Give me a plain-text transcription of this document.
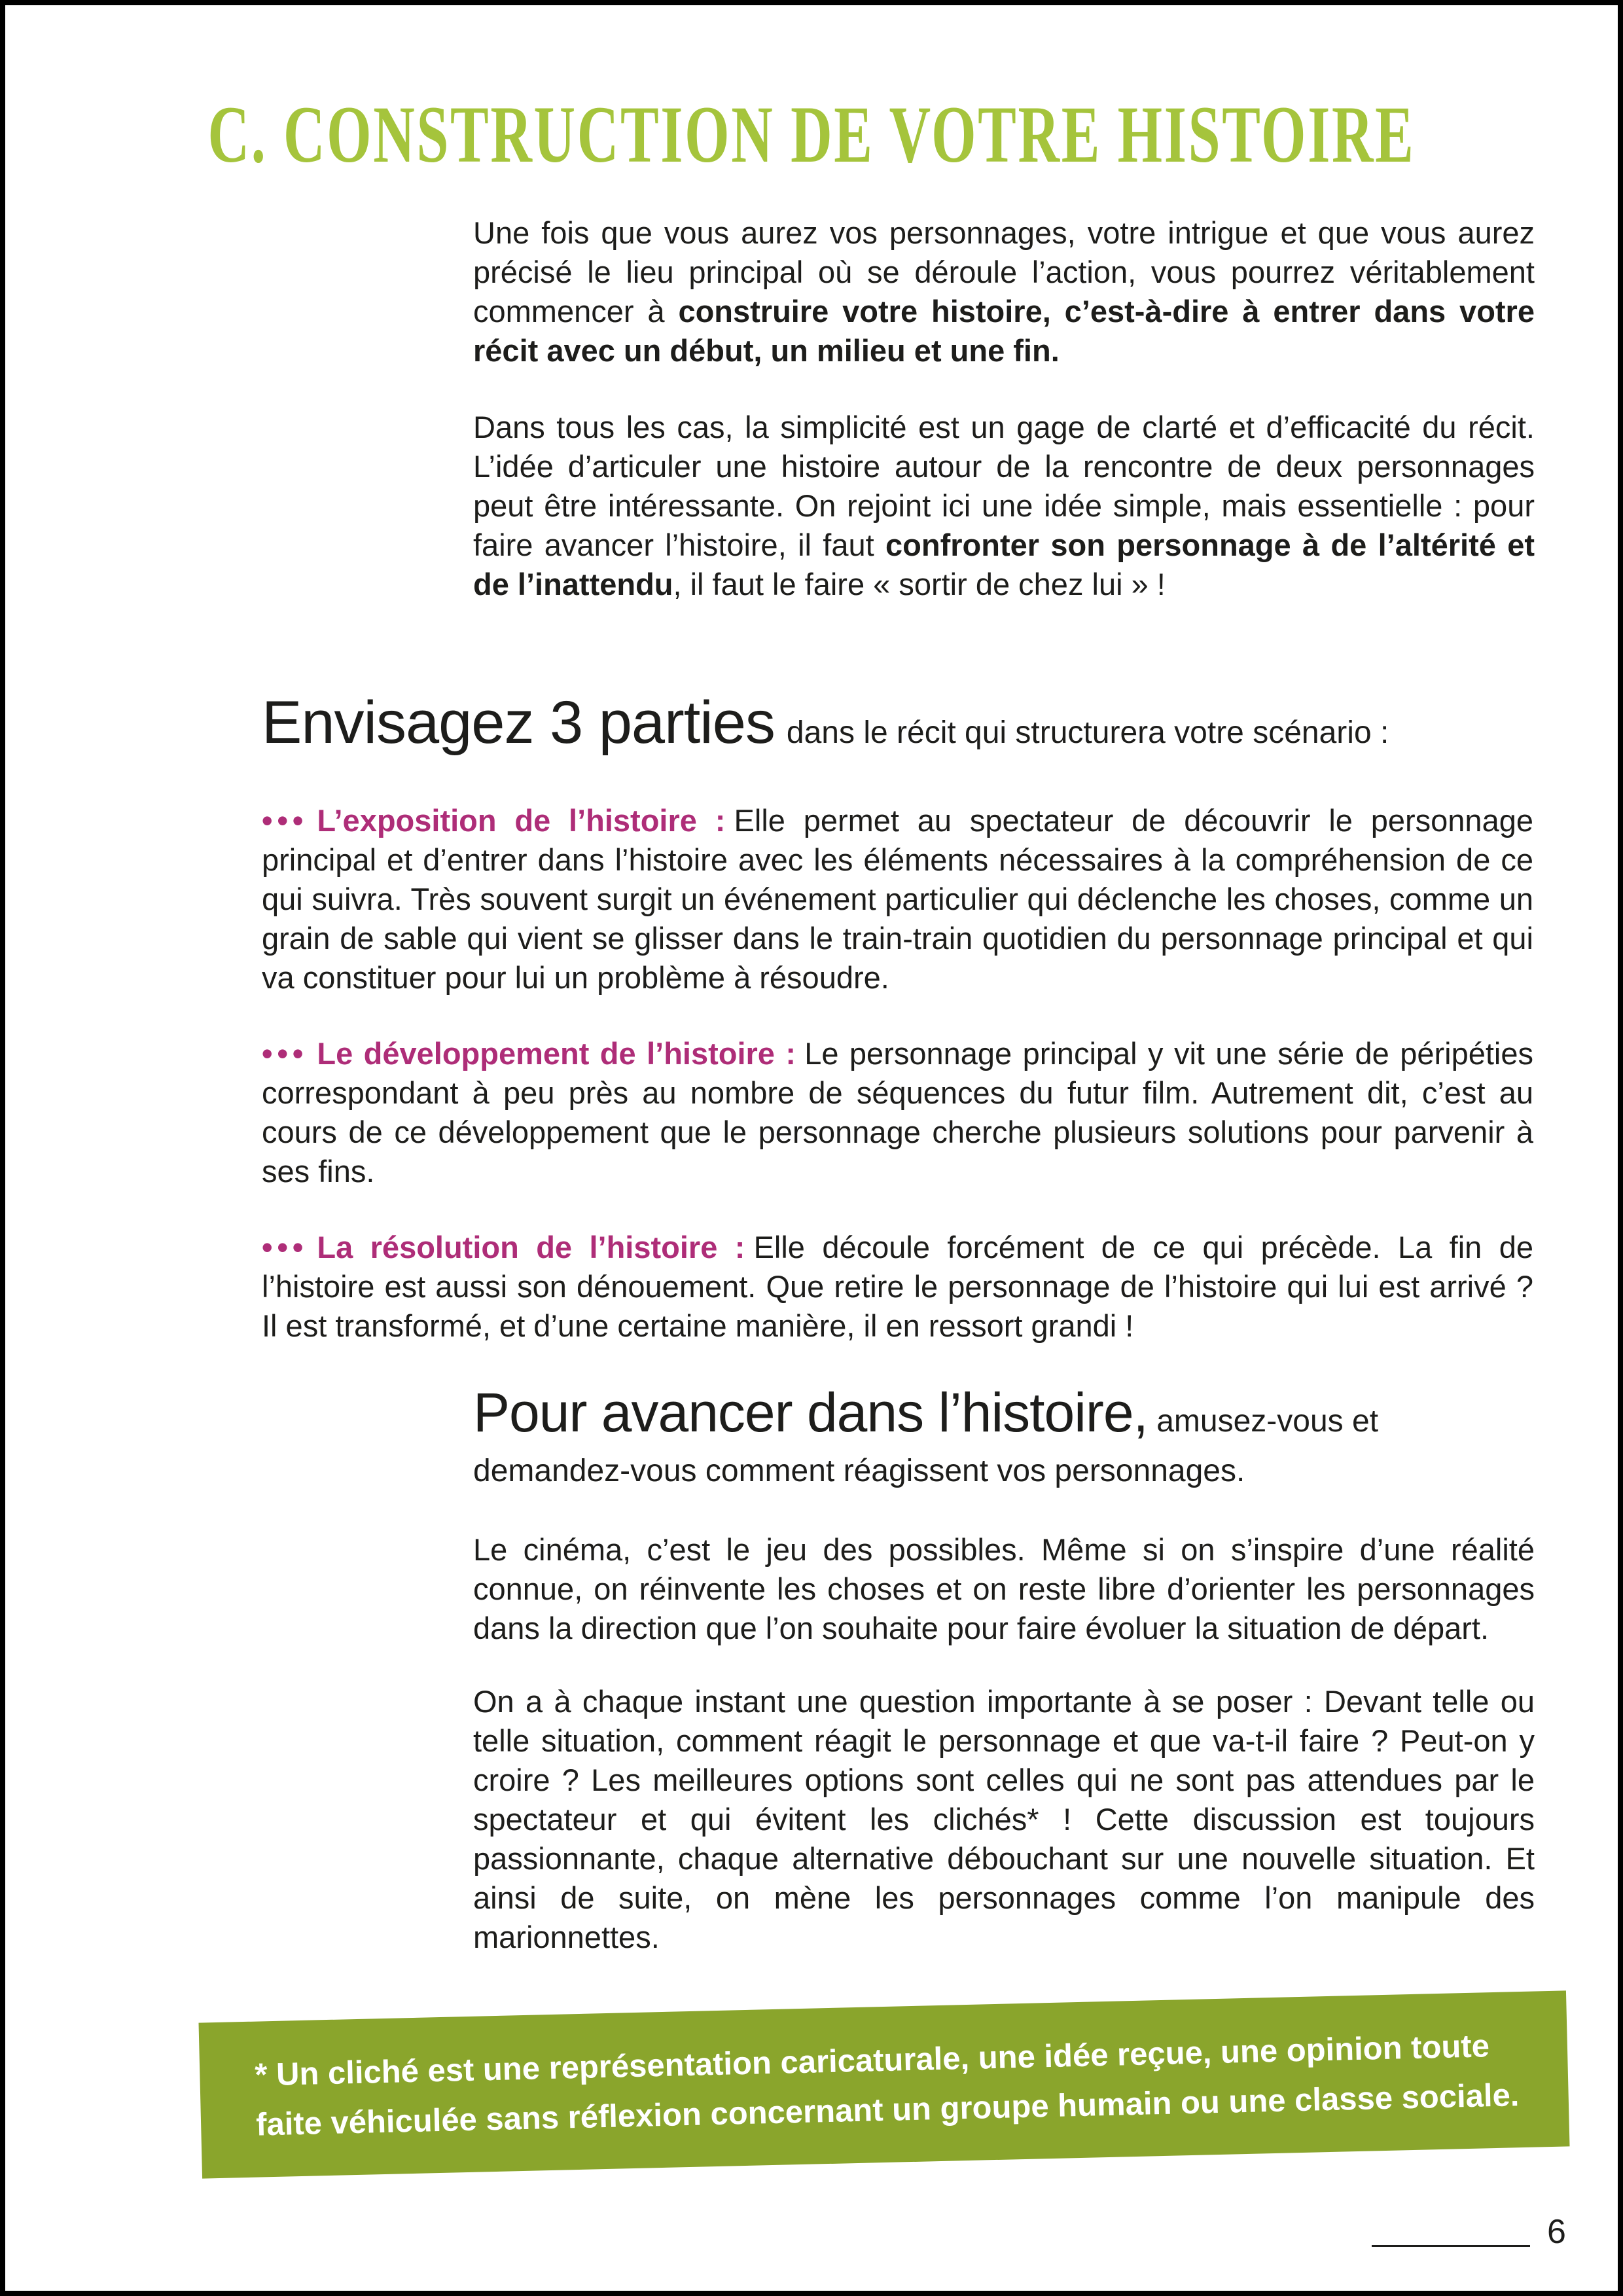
C. CONSTRUCTION DE VOTRE HISTOIRE

Une fois que vous aurez vos personnages, votre intrigue et que vous aurez précisé le lieu principal où se déroule l’action, vous pourrez véritablement commencer à construire votre histoire, c’est-à-dire à entrer dans votre récit avec un début, un milieu et une fin.

Dans tous les cas, la simplicité est un gage de clarté et d’efficacité du récit. L’idée d’articuler une histoire autour de la rencontre de deux personnages peut être intéressante. On rejoint ici une idée simple, mais essentielle : pour faire avancer l’histoire, il faut confronter son personnage à de l’altérité et de l’inattendu, il faut le faire « sortir de chez lui » !

Envisagez 3 parties dans le récit qui structurera votre scénario :

••• L’exposition de l’histoire : Elle permet au spectateur de découvrir le personnage principal et d’entrer dans l’histoire avec les éléments nécessaires à la compréhension de ce qui suivra. Très souvent surgit un événement particulier qui déclenche les choses, comme un grain de sable qui vient se glisser dans le train-train quotidien du personnage principal et qui va constituer pour lui un problème à résoudre.

••• Le développement de l’histoire : Le personnage principal y vit une série de péripéties correspondant à peu près au nombre de séquences du futur film. Autrement dit, c’est au cours de ce développement que le personnage cherche plusieurs solutions pour parvenir à ses fins.

••• La résolution de l’histoire : Elle découle forcément de ce qui précède. La fin de l’histoire est aussi son dénouement. Que retire le personnage de l’histoire qui lui est arrivé ? Il est transformé, et d’une certaine manière, il en ressort grandi !

Pour avancer dans l’histoire, amusez-vous et demandez-vous comment réagissent vos personnages.

Le cinéma, c’est le jeu des possibles. Même si on s’inspire d’une réalité connue, on réinvente les choses et on reste libre d’orienter les personnages dans la direction que l’on souhaite pour faire évoluer la situation de départ.

On a à chaque instant une question importante à se poser : Devant telle ou telle situation, comment réagit le personnage et que va-t-il faire ? Peut-on y croire ? Les meilleures options sont celles qui ne sont pas attendues par le spectateur et qui évitent les clichés* ! Cette discussion est toujours passionnante, chaque alternative débouchant sur une nouvelle situation. Et ainsi de suite, on mène les personnages comme l’on manipule des marionnettes.

* Un cliché est une représentation caricaturale, une idée reçue, une opinion toute faite véhiculée sans réflexion concernant un groupe humain ou une classe sociale.

6
